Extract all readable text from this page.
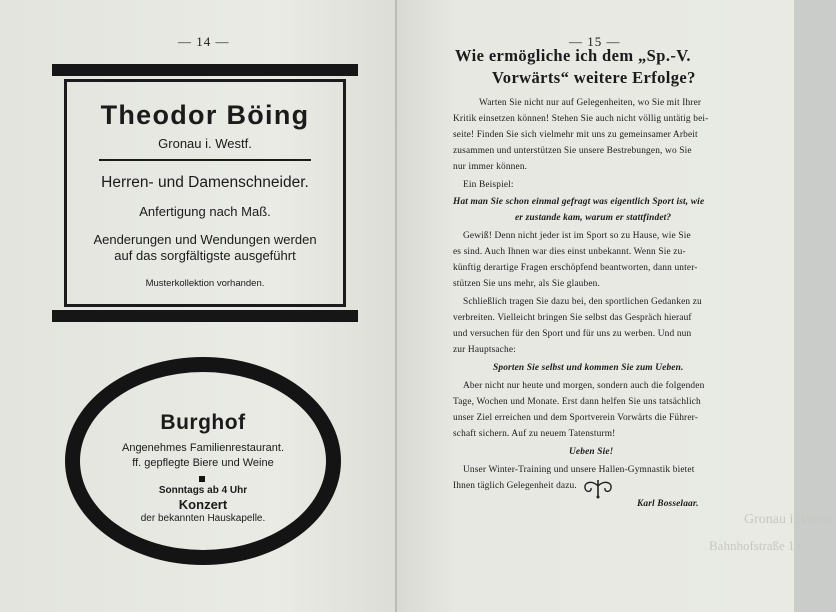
— 14 —
Theodor Böing
Gronau i. Westf.
Herren- und Damenschneider.
Anfertigung nach Maß.
Aenderungen und Wendungen werden
auf das sorgfältigste ausgeführt
Musterkollektion vorhanden.
Burghof
Angenehmes Familienrestaurant.
ff. gepflegte Biere und Weine
Sonntags ab 4 Uhr
Konzert
der bekannten Hauskapelle.
— 15 —
Wie ermögliche ich dem „Sp.-V.
Vorwärts“ weitere Erfolge?
Warten Sie nicht nur auf Gelegenheiten, wo Sie mit Ihrer
Kritik einsetzen können! Stehen Sie auch nicht völlig untätig bei-
seite! Finden Sie sich vielmehr mit uns zu gemeinsamer Arbeit
zusammen und unterstützen Sie unsere Bestrebungen, wo Sie
nur immer können.
Ein Beispiel:
Hat man Sie schon einmal gefragt was eigentlich Sport ist, wie
er zustande kam, warum er stattfindet?
Gewiß! Denn nicht jeder ist im Sport so zu Hause, wie Sie
es sind. Auch Ihnen war dies einst unbekannt. Wenn Sie zu-
künftig derartige Fragen erschöpfend beantworten, dann unter-
stützen Sie uns mehr, als Sie glauben.
Schließlich tragen Sie dazu bei, den sportlichen Gedanken zu
verbreiten. Vielleicht bringen Sie selbst das Gespräch hierauf
und versuchen für den Sport und für uns zu werben. Und nun
zur Hauptsache:
Sporten Sie selbst und kommen Sie zum Ueben.
Aber nicht nur heute und morgen, sondern auch die folgenden
Tage, Wochen und Monate. Erst dann helfen Sie uns tatsächlich
unser Ziel erreichen und dem Sportverein Vorwärts die Führer-
schaft sichern. Auf zu neuem Tatensturm!
Ueben Sie!
Unser Winter-Training und unsere Hallen-Gymnastik bietet
Ihnen täglich Gelegenheit dazu.
Karl Bosselaar.
Gronau i. Westf.
Bahnhofstraße 1
